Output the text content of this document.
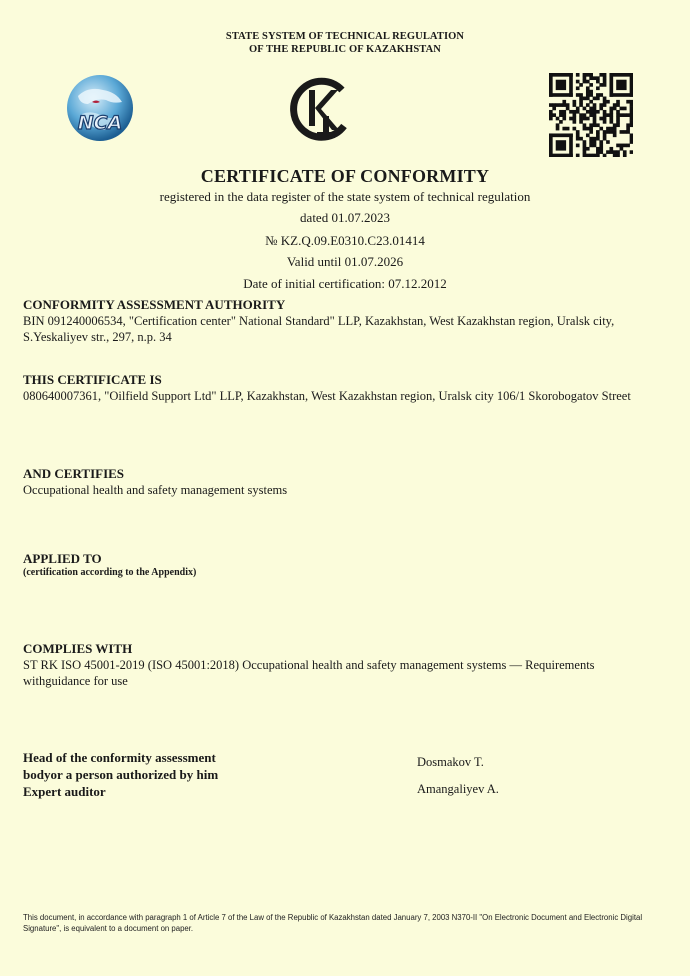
STATE SYSTEM OF TECHNICAL REGULATION
OF THE REPUBLIC OF KAZAKHSTAN
NCA
CERTIFICATE OF CONFORMITY
registered in the data register of the state system of technical regulation
dated 01.07.2023
№ KZ.Q.09.E0310.C23.01414
Valid until 01.07.2026
Date of initial certification: 07.12.2012
CONFORMITY ASSESSMENT AUTHORITY
BIN 091240006534, "Certification center" National Standard" LLP, Kazakhstan, West Kazakhstan region, Uralsk city, S.Yeskaliyev str., 297, n.p. 34
THIS CERTIFICATE IS
080640007361, "Oilfield Support Ltd" LLP, Kazakhstan, West Kazakhstan region, Uralsk city 106/1 Skorobogatov Street
AND CERTIFIES
Occupational health and safety management systems
APPLIED TO
(certification according to the Appendix)
COMPLIES WITH
ST RK ISO 45001-2019 (ISO 45001:2018) Occupational health and safety management systems — Requirements withguidance for use
Head of the conformity assessment
bodyor a person authorized by him
Dosmakov T.
Expert auditor	Amangaliyev A.
This document, in accordance with paragraph 1 of Article 7 of the Law of the Republic of Kazakhstan dated January 7, 2003 N370-II "On Electronic Document and Electronic Digital Signature", is equivalent to a document on paper.
